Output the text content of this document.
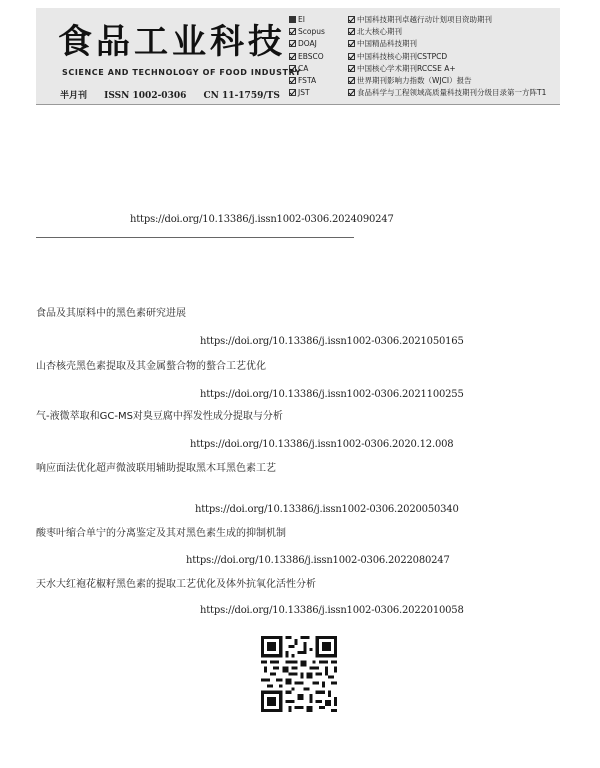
食品工业科技
SCIENCE AND TECHNOLOGY OF FOOD INDUSTRY
半月刊 ISSN 1002-0306 CN 11-1759/TS
EI
Scopus
DOAJ
EBSCO
CA
FSTA
JST
中国科技期刊卓越行动计划项目资助期刊
北大核心期刊
中国精品科技期刊
中国科技核心期刊CSTPCD
中国核心学术期刊RCCSE A+
世界期刊影响力指数（WJCI）报告
食品科学与工程领域高质量科技期刊分级目录第一方阵T1
https://doi.org/10.13386/j.issn1002-0306.2024090247
食品及其原料中的黑色素研究进展
https://doi.org/10.13386/j.issn1002-0306.2021050165
山杏核壳黑色素提取及其金属螯合物的螯合工艺优化
https://doi.org/10.13386/j.issn1002-0306.2021100255
气-液微萃取和GC-MS对臭豆腐中挥发性成分提取与分析
https://doi.org/10.13386/j.issn1002-0306.2020.12.008
响应面法优化超声微波联用辅助提取黑木耳黑色素工艺
https://doi.org/10.13386/j.issn1002-0306.2020050340
酸枣叶缩合单宁的分离鉴定及其对黑色素生成的抑制机制
https://doi.org/10.13386/j.issn1002-0306.2022080247
天水大红袍花椒籽黑色素的提取工艺优化及体外抗氧化活性分析
https://doi.org/10.13386/j.issn1002-0306.2022010058
